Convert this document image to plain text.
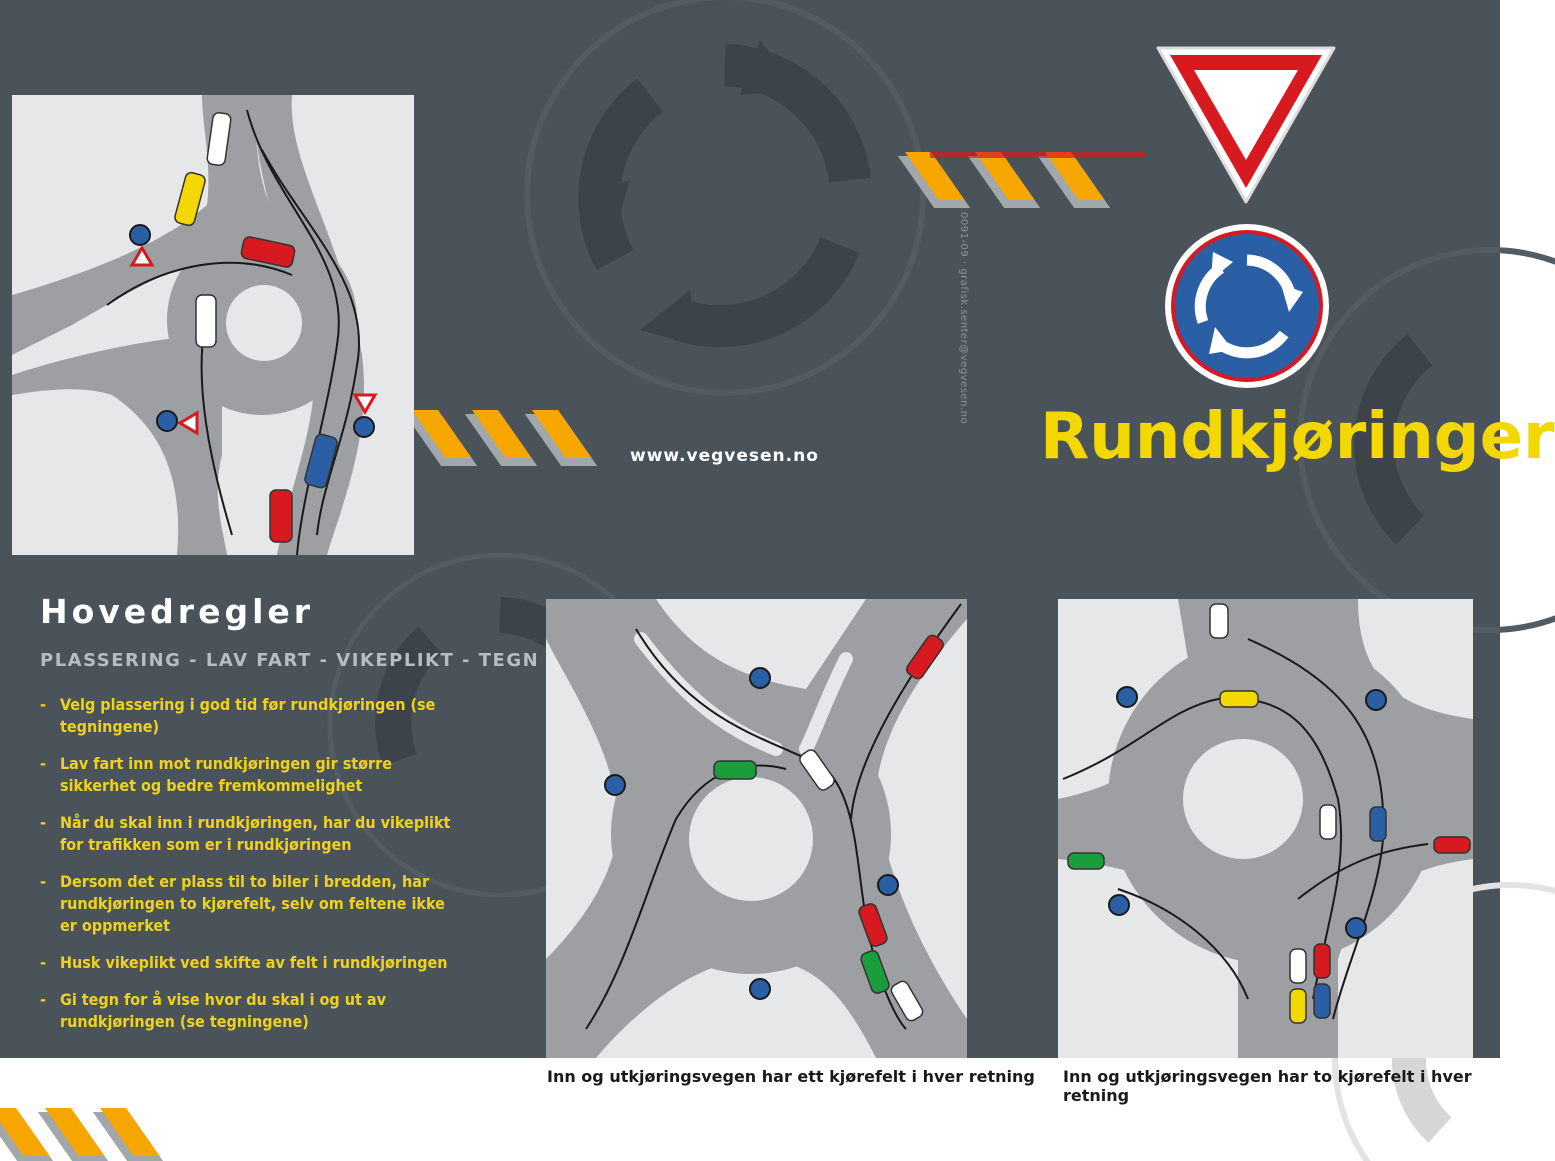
Rundkjøringer
www.vegvesen.no
0091-09 · grafisk.senter@vegvesen.no
Hovedregler
PLASSERING - LAV FART - VIKEPLIKT - TEGN
- Velg plassering i god tid før rundkjøringen (se tegningene)
- Lav fart inn mot rundkjøringen gir større sikkerhet og bedre fremkommelighet
- Når du skal inn i rundkjøringen, har du vikeplikt for trafikken som er i rundkjøringen
- Dersom det er plass til to biler i bredden, har rundkjøringen to kjørefelt, selv om feltene ikke er oppmerket
- Husk vikeplikt ved skifte av felt i rundkjøringen
- Gi tegn for å vise hvor du skal i og ut av rundkjøringen (se tegningene)
Inn og utkjøringsvegen har ett kjørefelt i hver retning Inn og utkjøringsvegen har to kjørefelt i hver retning
